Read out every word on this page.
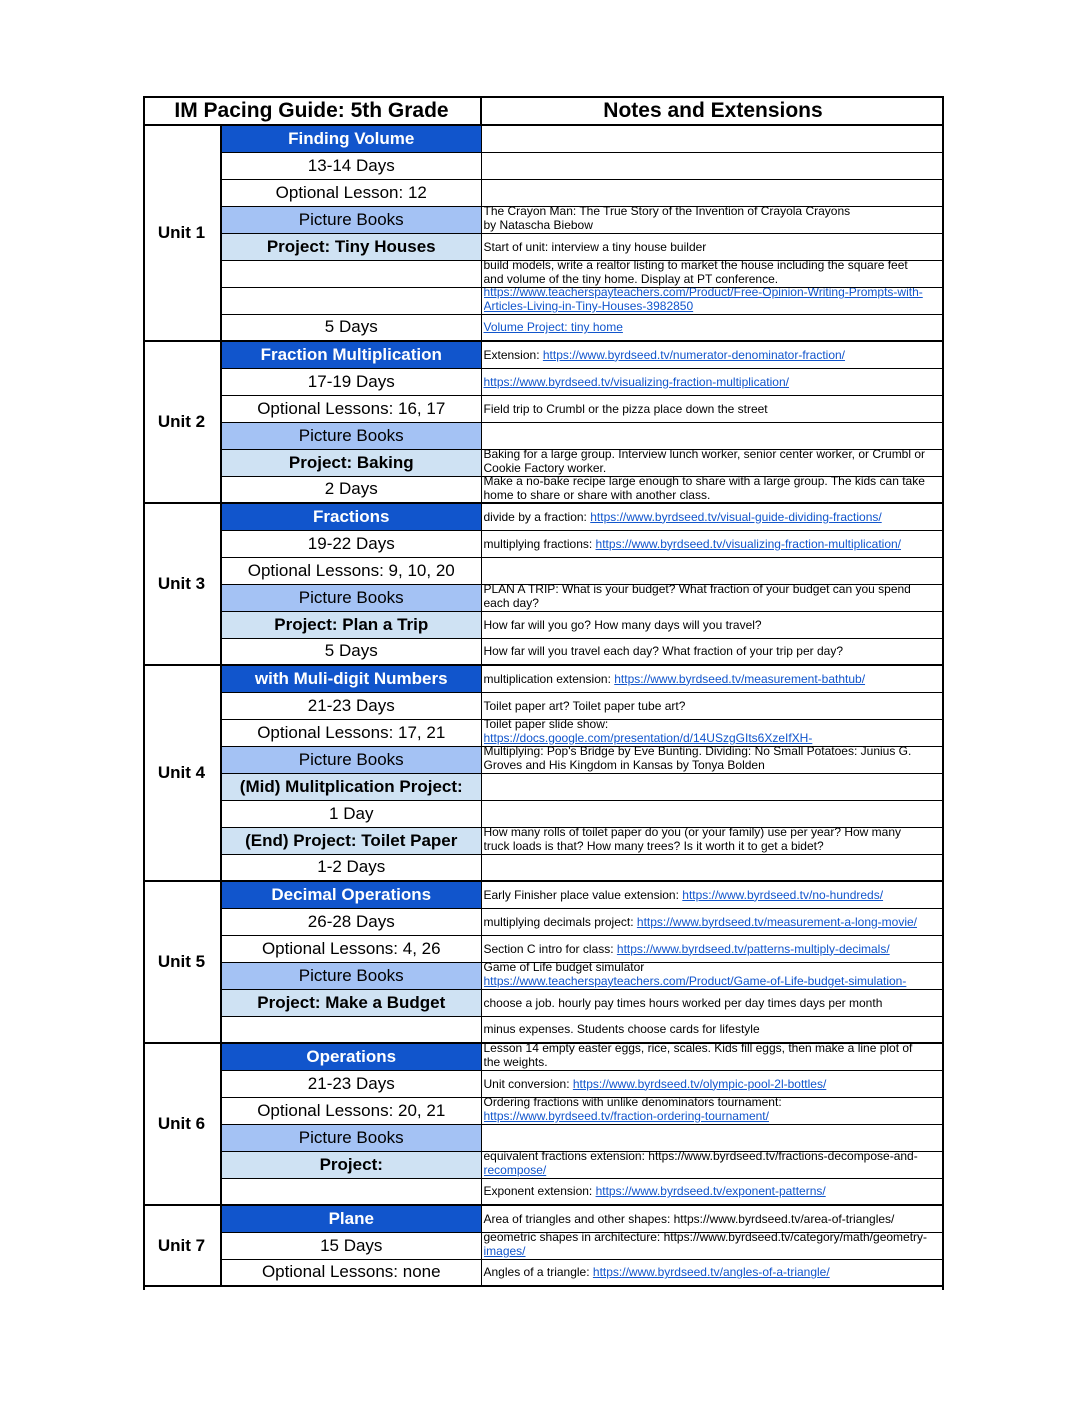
IM Pacing Guide: 5th Grade		Notes and Extensions
Unit 1	Finding Volume	
	13-14 Days	
	Optional Lesson: 12	
	Picture Books	The Crayon Man: The True Story of the Invention of Crayola Crayons
by Natascha Biebow

	Project: Tiny Houses	Start of unit: interview a tiny house builder

		build models, write a realtor listing to market the house including the square feet
and volume of the tiny home. Display at PT conference.

		https://www.teacherspayteachers.com/Product/Free-Opinion-Writing-Prompts-with-
Articles-Living-in-Tiny-Houses-3982850

	5 Days	Volume Project: tiny home
Unit 2	Fraction Multiplication	Extension: https://www.byrdseed.tv/numerator-denominator-fraction/
	17-19 Days	https://www.byrdseed.tv/visualizing-fraction-multiplication/
	Optional Lessons: 16, 17	Field trip to Crumbl or the pizza place down the street
	Picture Books	
	Project: Baking	Baking for a large group. Interview lunch worker, senior center worker, or Crumbl or
Cookie Factory worker.

	2 Days	Make a no-bake recipe large enough to share with a large group. The kids can take
home to share or share with another class.

Unit 3	Fractions	divide by a fraction: https://www.byrdseed.tv/visual-guide-dividing-fractions/
	19-22 Days	multiplying fractions: https://www.byrdseed.tv/visualizing-fraction-multiplication/
	Optional Lessons: 9, 10, 20	
	Picture Books	PLAN A TRIP: What is your budget? What fraction of your budget can you spend
each day?

	Project: Plan a Trip	How far will you go? How many days will you travel?
	5 Days	How far will you travel each day? What fraction of your trip per day?
Unit 4	with Muli-digit Numbers	multiplication extension: https://www.byrdseed.tv/measurement-bathtub/
	21-23 Days	Toilet paper art? Toilet paper tube art?
	Optional Lessons: 17, 21	Toilet paper slide show:
https://docs.google.com/presentation/d/14USzgGIts6XzeIfXH-

	Picture Books	Multiplying: Pop's Bridge by Eve Bunting. Dividing: No Small Potatoes: Junius G.
Groves and His Kingdom in Kansas by Tonya Bolden

	(Mid) Mulitplication Project:	
	1 Day	
	(End) Project: Toilet Paper	How many rolls of toilet paper do you (or your family) use per year? How many
truck loads is that? How many trees? Is it worth it to get a bidet?

	1-2 Days	
Unit 5	Decimal Operations	Early Finisher place value extension: https://www.byrdseed.tv/no-hundreds/
	26-28 Days	multiplying decimals project: https://www.byrdseed.tv/measurement-a-long-movie/
	Optional Lessons: 4, 26	Section C intro for class: https://www.byrdseed.tv/patterns-multiply-decimals/
	Picture Books	Game of Life budget simulator
https://www.teacherspayteachers.com/Product/Game-of-Life-budget-simulation-

	Project: Make a Budget	choose a job. hourly pay times hours worked per day times days per month
		minus expenses. Students choose cards for lifestyle
Unit 6	Operations	Lesson 14 empty easter eggs, rice, scales. Kids fill eggs, then make a line plot of
the weights.

	21-23 Days	Unit conversion: https://www.byrdseed.tv/olympic-pool-2l-bottles/
	Optional Lessons: 20, 21	Ordering fractions with unlike denominators tournament:
https://www.byrdseed.tv/fraction-ordering-tournament/

	Picture Books	
	Project:	equivalent fractions extension: https://www.byrdseed.tv/fractions-decompose-and-
recompose/

		Exponent extension: https://www.byrdseed.tv/exponent-patterns/
Unit 7	Plane	Area of triangles and other shapes: https://www.byrdseed.tv/area-of-triangles/
	15 Days	geometric shapes in architecture: https://www.byrdseed.tv/category/math/geometry-
images/

	Optional Lessons: none	Angles of a triangle: https://www.byrdseed.tv/angles-of-a-triangle/
